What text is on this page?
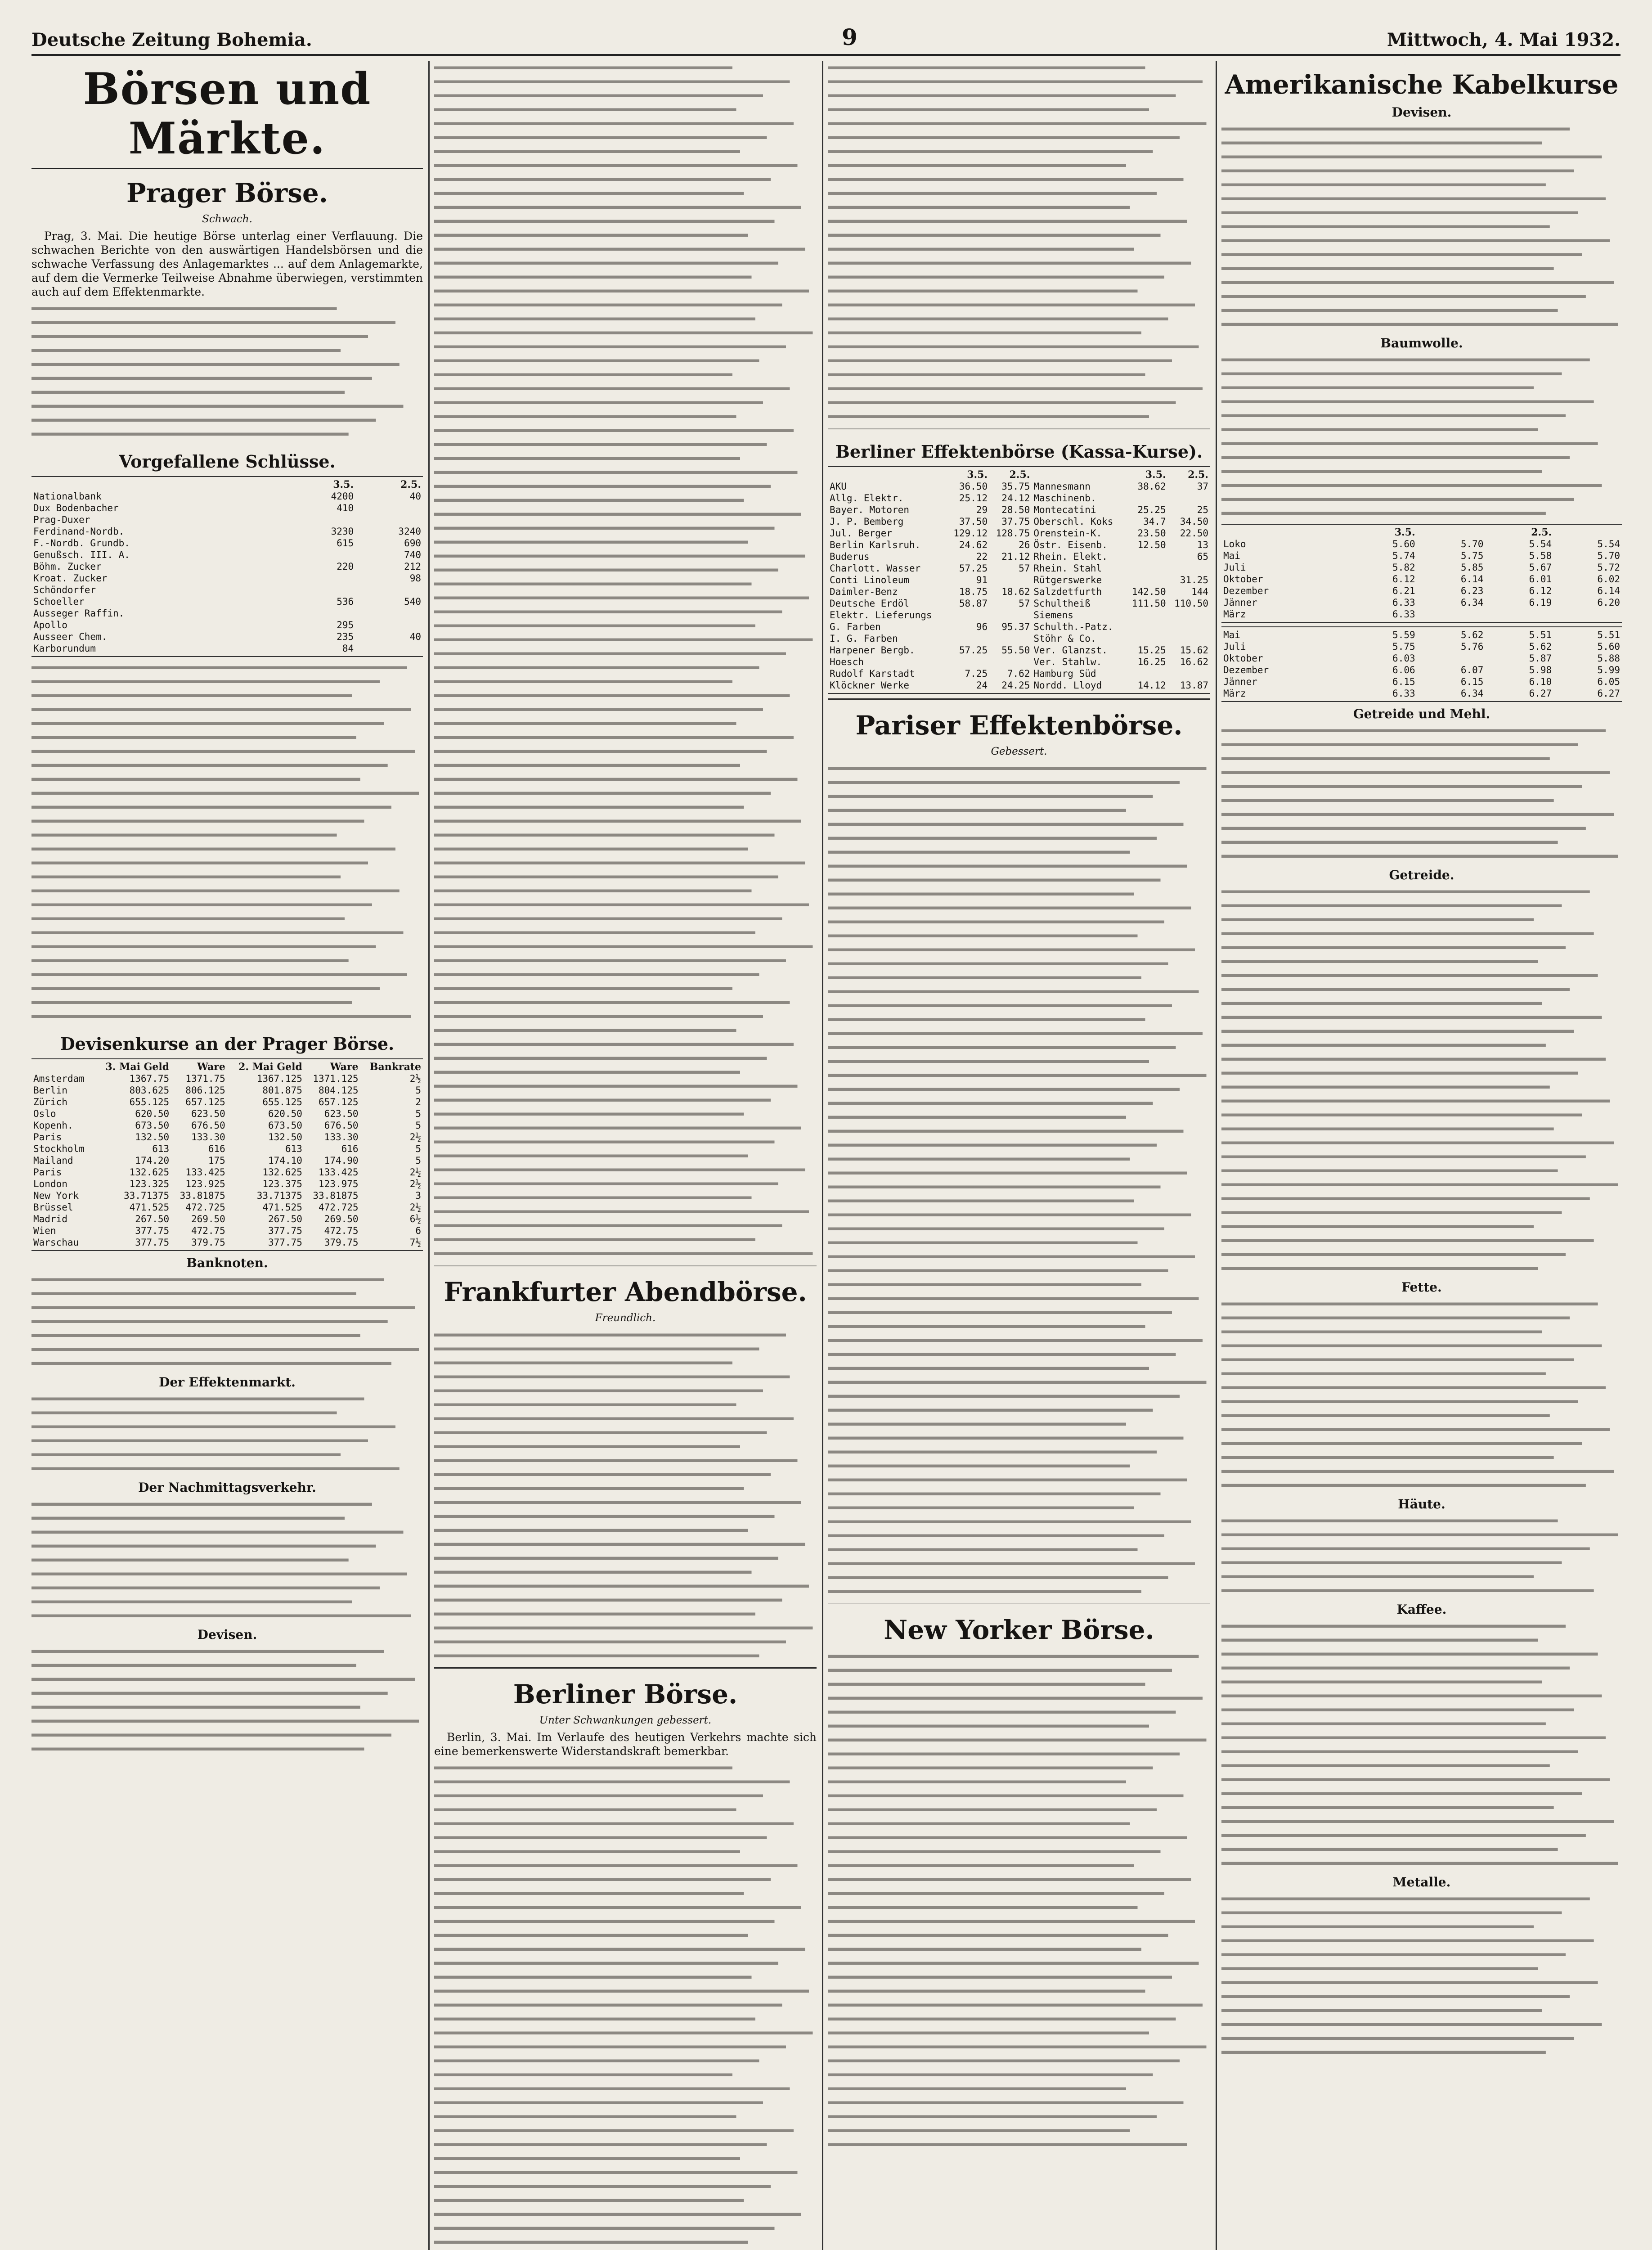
Deutsche Zeitung Bohemia.	9	Mittwoch, 4. Mai 1932.
Börsen und Märkte.
Prager Börse.
Schwach.

Prag, 3. Mai. Die heutige Börse unterlag einer Verflauung. Die schwachen Berichte von den auswärtigen Handelsbörsen und die schwache Verfassung des Anlagemarktes ... auf dem Anlagemarkte, auf dem die Vermerke Teilweise Abnahme überwiegen, verstimmten auch auf dem Effektenmarkte.

Vorgefallene Schlüsse.
	3.5.	2.5.
Nationalbank	4200	40
Dux Bodenbacher	410	
Prag-Duxer		
Ferdinand-Nordb.	3230	3240
F.-Nordb. Grundb.	615	690
Genußsch. III. A.		740
Böhm. Zucker	220	212
Kroat. Zucker		98
Schöndorfer		
Schoeller	536	540
Ausseger Raffin.		
Apollo	295	
Ausseer Chem.	235	40
Karborundum	84	
Devisenkurse an der Prager Börse.
	3. Mai Geld	Ware	2. Mai Geld	Ware	Bankrate
Amsterdam	1367.75	1371.75	1367.125	1371.125	2½
Berlin	803.625	806.125	801.875	804.125	5
Zürich	655.125	657.125	655.125	657.125	2
Oslo	620.50	623.50	620.50	623.50	5
Kopenh.	673.50	676.50	673.50	676.50	5
Paris	132.50	133.30	132.50	133.30	2½
Stockholm	613	616	613	616	5
Mailand	174.20	175	174.10	174.90	5
Paris	132.625	133.425	132.625	133.425	2½
London	123.325	123.925	123.375	123.975	2½
New York	33.71375	33.81875	33.71375	33.81875	3
Brüssel	471.525	472.725	471.525	472.725	2½
Madrid	267.50	269.50	267.50	269.50	6½
Wien	377.75	472.75	377.75	472.75	6
Warschau	377.75	379.75	377.75	379.75	7½
Banknoten.
Der Effektenmarkt.
Der Nachmittagsverkehr.
Devisen.
Frankfurter Abendbörse.
Freundlich.
Berliner Börse.
Unter Schwankungen gebessert.

Berlin, 3. Mai. Im Verlaufe des heutigen Verkehrs machte sich eine bemerkenswerte Widerstandskraft bemerkbar.

Berliner Effektenbörse (Kassa-Kurse).
	3.5.	2.5.		3.5.	2.5.
AKU	36.50	35.75	Mannesmann	38.62	37
Allg. Elektr.	25.12	24.12	Maschinenb.		
Bayer. Motoren	29	28.50	Montecatini	25.25	25
J. P. Bemberg	37.50	37.75	Oberschl. Koks	34.7	34.50
Jul. Berger	129.12	128.75	Orenstein-K.	23.50	22.50
Berlin Karlsruh.	24.62	26	Östr. Eisenb.	12.50	13
Buderus	22	21.12	Rhein. Elekt.		65
Charlott. Wasser	57.25	57	Rhein. Stahl		
Conti Linoleum	91		Rütgerswerke		31.25
Daimler-Benz	18.75	18.62	Salzdetfurth	142.50	144
Deutsche Erdöl	58.87	57	Schultheiß	111.50	110.50
Elektr. Lieferungs			Siemens		
G. Farben	96	95.37	Schulth.-Patz.		
I. G. Farben			Stöhr & Co.		
Harpener Bergb.	57.25	55.50	Ver. Glanzst.	15.25	15.62
Hoesch			Ver. Stahlw.	16.25	16.62
Rudolf Karstadt	7.25	7.62	Hamburg Süd		
Klöckner Werke	24	24.25	Nordd. Lloyd	14.12	13.87
Pariser Effektenbörse.
Gebessert.
New Yorker Börse.
Amerikanische Kabelkurse
Devisen.
Baumwolle.
	3.5.		2.5.	
Loko	5.60	5.70	5.54	5.54
Mai	5.74	5.75	5.58	5.70
Juli	5.82	5.85	5.67	5.72
Oktober	6.12	6.14	6.01	6.02
Dezember	6.21	6.23	6.12	6.14
Jänner	6.33	6.34	6.19	6.20
März	6.33			
Mai	5.59	5.62	5.51	5.51
Juli	5.75	5.76	5.62	5.60
Oktober	6.03		5.87	5.88
Dezember	6.06	6.07	5.98	5.99
Jänner	6.15	6.15	6.10	6.05
März	6.33	6.34	6.27	6.27
Getreide und Mehl.
Getreide.
Fette.
Häute.
Kaffee.
Metalle.
